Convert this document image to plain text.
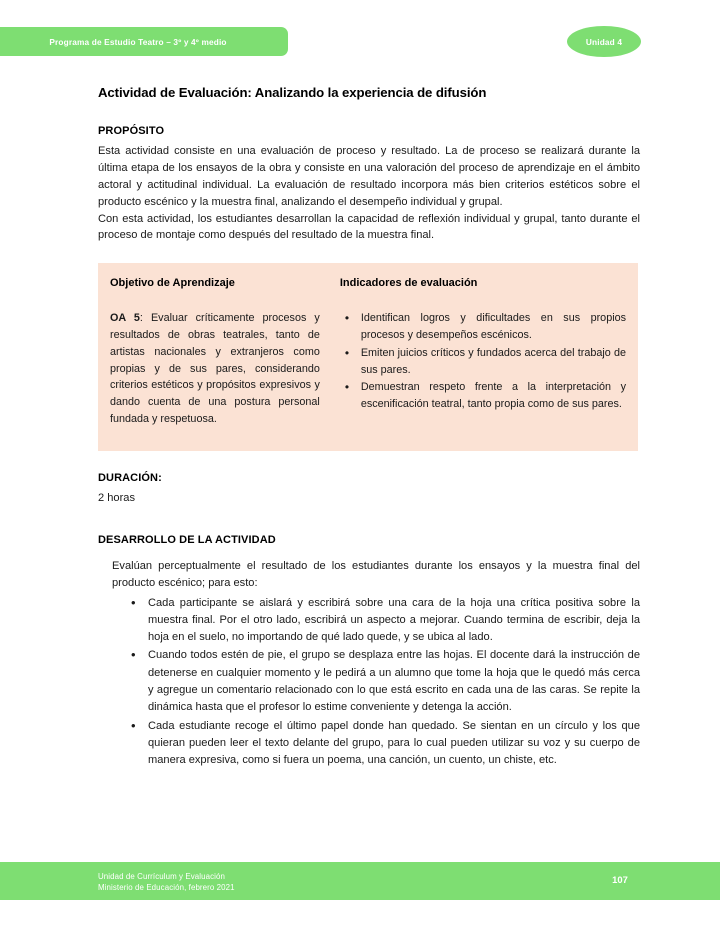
Programa de Estudio Teatro – 3º y 4º medio	Unidad 4
Actividad de Evaluación: Analizando la experiencia de difusión
PROPÓSITO

Esta actividad consiste en una evaluación de proceso y resultado. La de proceso se realizará durante la última etapa de los ensayos de la obra y consiste en una valoración del proceso de aprendizaje en el ámbito actoral y actitudinal individual. La evaluación de resultado incorpora más bien criterios estéticos sobre el producto escénico y la muestra final, analizando el desempeño individual y grupal.

Con esta actividad, los estudiantes desarrollan la capacidad de reflexión individual y grupal, tanto durante el proceso de montaje como después del resultado de la muestra final.

Objetivo de Aprendizaje
OA 5: Evaluar críticamente procesos y resultados de obras teatrales, tanto de artistas nacionales y extranjeros como propias y de sus pares, considerando criterios estéticos y propósitos expresivos y dando cuenta de una postura personal fundada y respetuosa.
Indicadores de evaluación
• Identifican logros y dificultades en sus propios procesos y desempeños escénicos.
• Emiten juicios críticos y fundados acerca del trabajo de sus pares.
• Demuestran respeto frente a la interpretación y escenificación teatral, tanto propia como de sus pares.
DURACIÓN:

2 horas

DESARROLLO DE LA ACTIVIDAD

Evalúan perceptualmente el resultado de los estudiantes durante los ensayos y la muestra final del producto escénico; para esto:

• Cada participante se aislará y escribirá sobre una cara de la hoja una crítica positiva sobre la muestra final. Por el otro lado, escribirá un aspecto a mejorar. Cuando termina de escribir, deja la hoja en el suelo, no importando de qué lado quede, y se ubica al lado.
• Cuando todos estén de pie, el grupo se desplaza entre las hojas. El docente dará la instrucción de detenerse en cualquier momento y le pedirá a un alumno que tome la hoja que le quedó más cerca y agregue un comentario relacionado con lo que está escrito en cada una de las caras. Se repite la dinámica hasta que el profesor lo estime conveniente y detenga la acción.
• Cada estudiante recoge el último papel donde han quedado. Se sientan en un círculo y los que quieran pueden leer el texto delante del grupo, para lo cual pueden utilizar su voz y su cuerpo de manera expresiva, como si fuera un poema, una canción, un cuento, un chiste, etc.
Unidad de Currículum y Evaluación
Ministerio de Educación, febrero 2021
107
